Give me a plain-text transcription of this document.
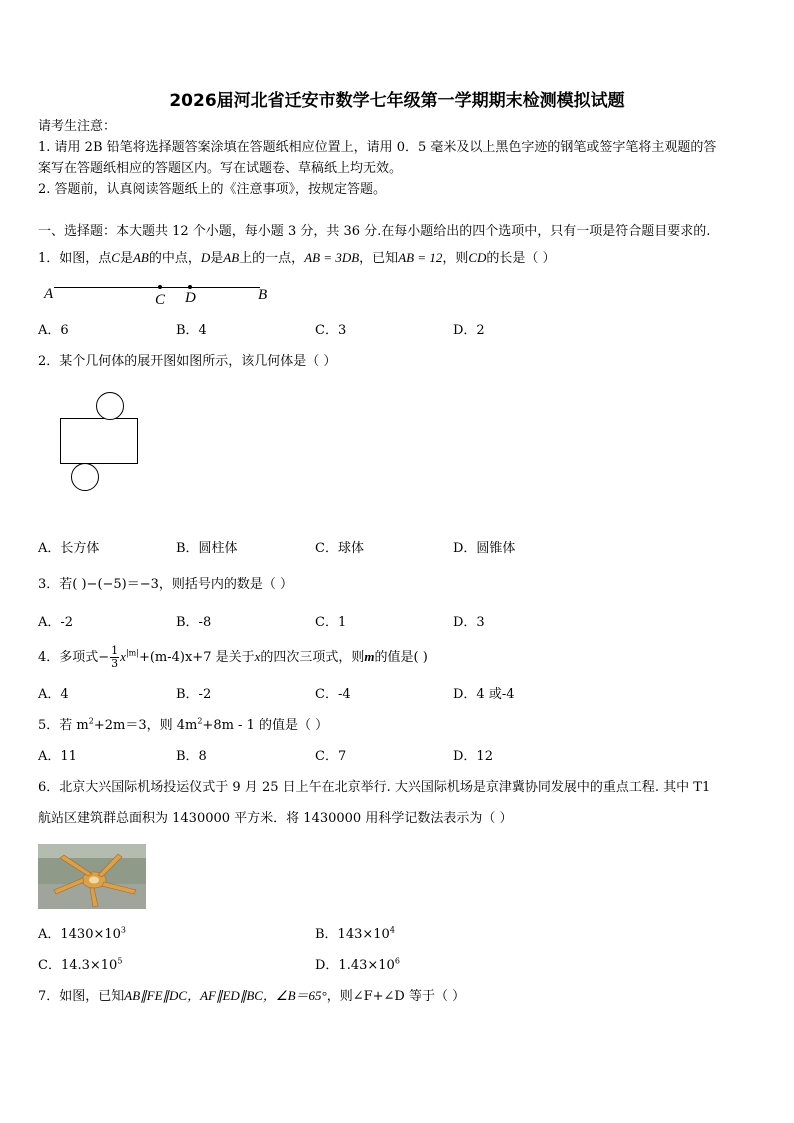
2026届河北省迁安市数学七年级第一学期期末检测模拟试题
请考生注意：
1. 请用 2B 铅笔将选择题答案涂填在答题纸相应位置上，请用 0．5 毫米及以上黑色字迹的钢笔或签字笔将主观题的答
案写在答题纸相应的答题区内。写在试题卷、草稿纸上均无效。
2. 答题前，认真阅读答题纸上的《注意事项》，按规定答题。
一、选择题：本大题共 12 个小题，每小题 3 分，共 36 分.在每小题给出的四个选项中，只有一项是符合题目要求的.
1．如图，点C是AB的中点，D是AB上的一点，AB = 3DB，已知AB = 12，则CD的长是（ ）
A	C D	B
A．6	B．4	C．3	D．2
2．某个几何体的展开图如图所示，该几何体是（ ）
A．长方体	B．圆柱体	C．球体	D．圆锥体
3．若( )−(−5)＝−3，则括号内的数是（ ）
A．-2	B．-8	C．1	D．3
4．多项式− $\frac{1}{3} x^{|m|}+(m-4)x+7$ 是关于x的四次三项式，则m的值是( )
A．4	B．-2	C．-4	D．4 或-4
5．若 $m^2+2m=3$，则 $4m^2+8m - 1$ 的值是（ ）
A．11	B．8	C．7	D．12
6．北京大兴国际机场投运仪式于 9 月 25 日上午在北京举行. 大兴国际机场是京津冀协同发展中的重点工程. 其中 T1
航站区建筑群总面积为 1430000 平方米．将 1430000 用科学记数法表示为（ ）
A．$1430\times 10^3$	B．$143\times 10^4$
C．$14.3\times 10^5$	D．$1.43\times 10^6$
7．如图，已知AB∥FE∥DC，AF∥ED∥BC，∠B＝65°，则∠F+∠D 等于（ ）
